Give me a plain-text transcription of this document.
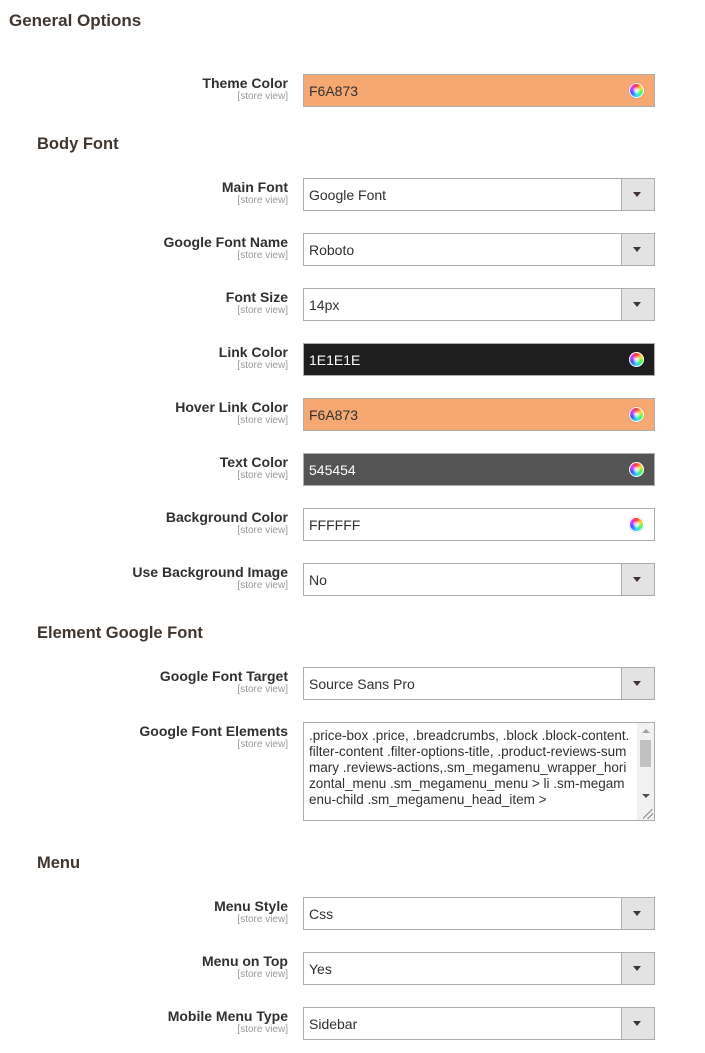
General Options
Theme Color
[store view] F6A873
Body Font
Main Font
[store view] Google Font
Google Font Name
[store view] Roboto
Font Size
[store view] 14px
Link Color
[store view] 1E1E1E
Hover Link Color
[store view] F6A873
Text Color
[store view] 545454
Background Color
[store view] FFFFFF
Use Background Image
[store view] No
Element Google Font
Google Font Target
[store view] Source Sans Pro
Google Font Elements
[store view]
.price-box .price, .breadcrumbs, .block .block-content.filter-content .filter-options-title, .product-reviews-summary .reviews-actions,.sm_megamenu_wrapper_horizontal_menu .sm_megamenu_menu > li .sm-megamenu-child .sm_megamenu_head_item >
Menu
Menu Style
[store view] Css
Menu on Top
[store view] Yes
Mobile Menu Type
[store view] Sidebar
